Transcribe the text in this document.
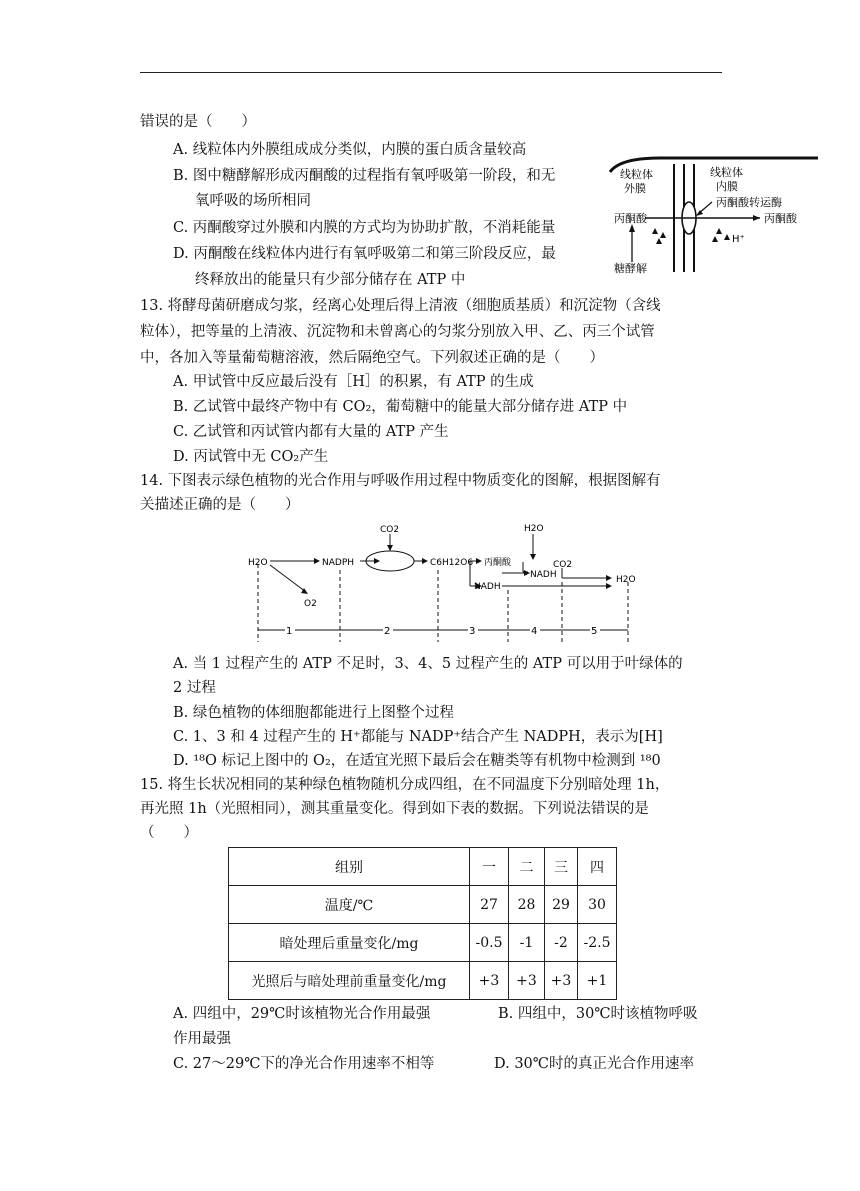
错误的是（　　）
A. 线粒体内外膜组成成分类似，内膜的蛋白质含量较高
B. 图中糖酵解形成丙酮酸的过程指有氧呼吸第一阶段，和无
氧呼吸的场所相同
C. 丙酮酸穿过外膜和内膜的方式均为协助扩散，不消耗能量
D. 丙酮酸在线粒体内进行有氧呼吸第二和第三阶段反应，最
终释放出的能量只有少部分储存在 ATP 中
线粒体
外膜
线粒体
内膜
丙酮酸转运酶
丙酮酸	丙酮酸
H⁺
糖酵解
13. 将酵母菌研磨成匀浆，经离心处理后得上清液（细胞质基质）和沉淀物（含线
粒体），把等量的上清液、沉淀物和未曾离心的匀浆分别放入甲、乙、丙三个试管
中，各加入等量葡萄糖溶液，然后隔绝空气。下列叙述正确的是（　　）
A. 甲试管中反应最后没有［H］的积累，有 ATP 的生成
B. 乙试管中最终产物中有 CO₂，葡萄糖中的能量大部分储存进 ATP 中
C. 乙试管和丙试管内都有大量的 ATP 产生
D. 丙试管中无 CO₂产生
14. 下图表示绿色植物的光合作用与呼吸作用过程中物质变化的图解，根据图解有
关描述正确的是（　　）
H2O	NADPH
CO2
C6H12O6
O2
丙酮酸
H2O
CO2
NADH
NADH
H2O
1	2	3	4	5
A. 当 1 过程产生的 ATP 不足时，3、4、5 过程产生的 ATP 可以用于叶绿体的
2 过程
B. 绿色植物的体细胞都能进行上图整个过程
C. 1、3 和 4 过程产生的 H⁺都能与 NADP⁺结合产生 NADPH，表示为[H]
D. ¹⁸O 标记上图中的 O₂，在适宜光照下最后会在糖类等有机物中检测到 ¹⁸0
15. 将生长状况相同的某种绿色植物随机分成四组，在不同温度下分别暗处理 1h，
再光照 1h（光照相同），测其重量变化。得到如下表的数据。下列说法错误的是
（　　）
组别	一	二	三	四
温度/℃	27	28	29	30
暗处理后重量变化/mg	-0.5	-1	-2	-2.5
光照后与暗处理前重量变化/mg	+3	+3	+3	+1
A. 四组中，29℃时该植物光合作用最强	B. 四组中，30℃时该植物呼吸
作用最强
C. 27～29℃下的净光合作用速率不相等	D. 30℃时的真正光合作用速率
